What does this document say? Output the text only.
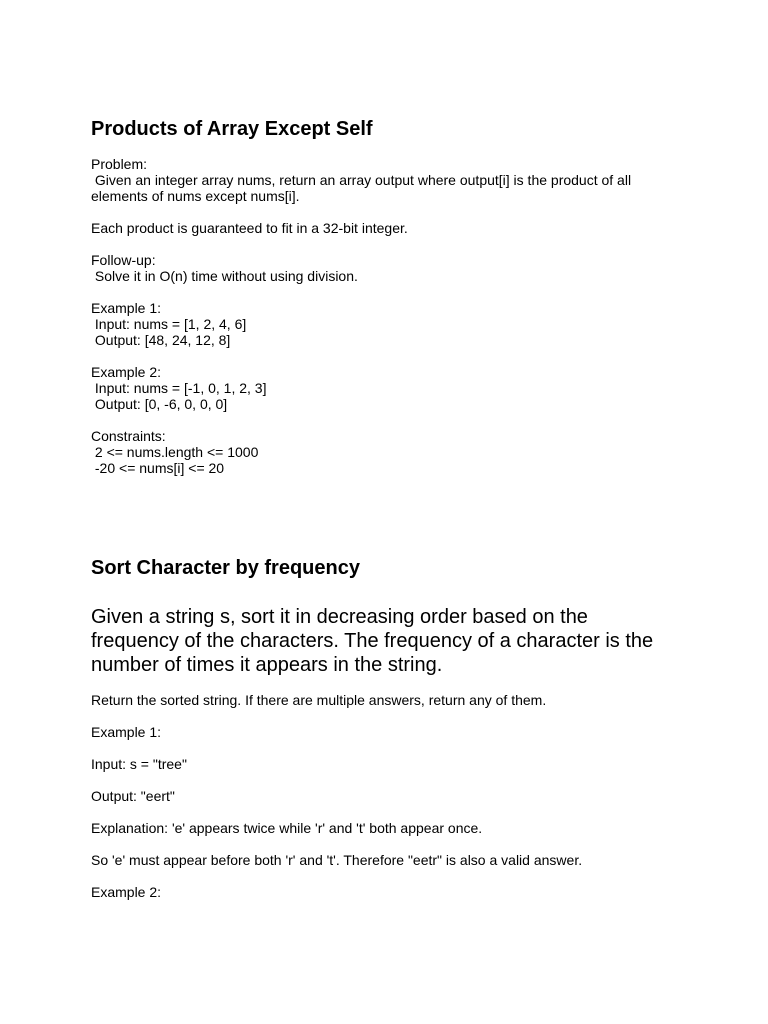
Products of Array Except Self

Problem:

Given an integer array nums, return an array output where output[i] is the product of all

elements of nums except nums[i].

Each product is guaranteed to fit in a 32-bit integer.

Follow-up:

Solve it in O(n) time without using division.

Example 1:

Input: nums = [1, 2, 4, 6]

Output: [48, 24, 12, 8]

Example 2:

Input: nums = [-1, 0, 1, 2, 3]

Output: [0, -6, 0, 0, 0]

Constraints:

2 <= nums.length <= 1000

-20 <= nums[i] <= 20

Sort Character by frequency

Given a string s, sort it in decreasing order based on the

frequency of the characters. The frequency of a character is the

number of times it appears in the string.

Return the sorted string. If there are multiple answers, return any of them.

Example 1:

Input: s = "tree"

Output: "eert"

Explanation: 'e' appears twice while 'r' and 't' both appear once.

So 'e' must appear before both 'r' and 't'. Therefore "eetr" is also a valid answer.

Example 2:
